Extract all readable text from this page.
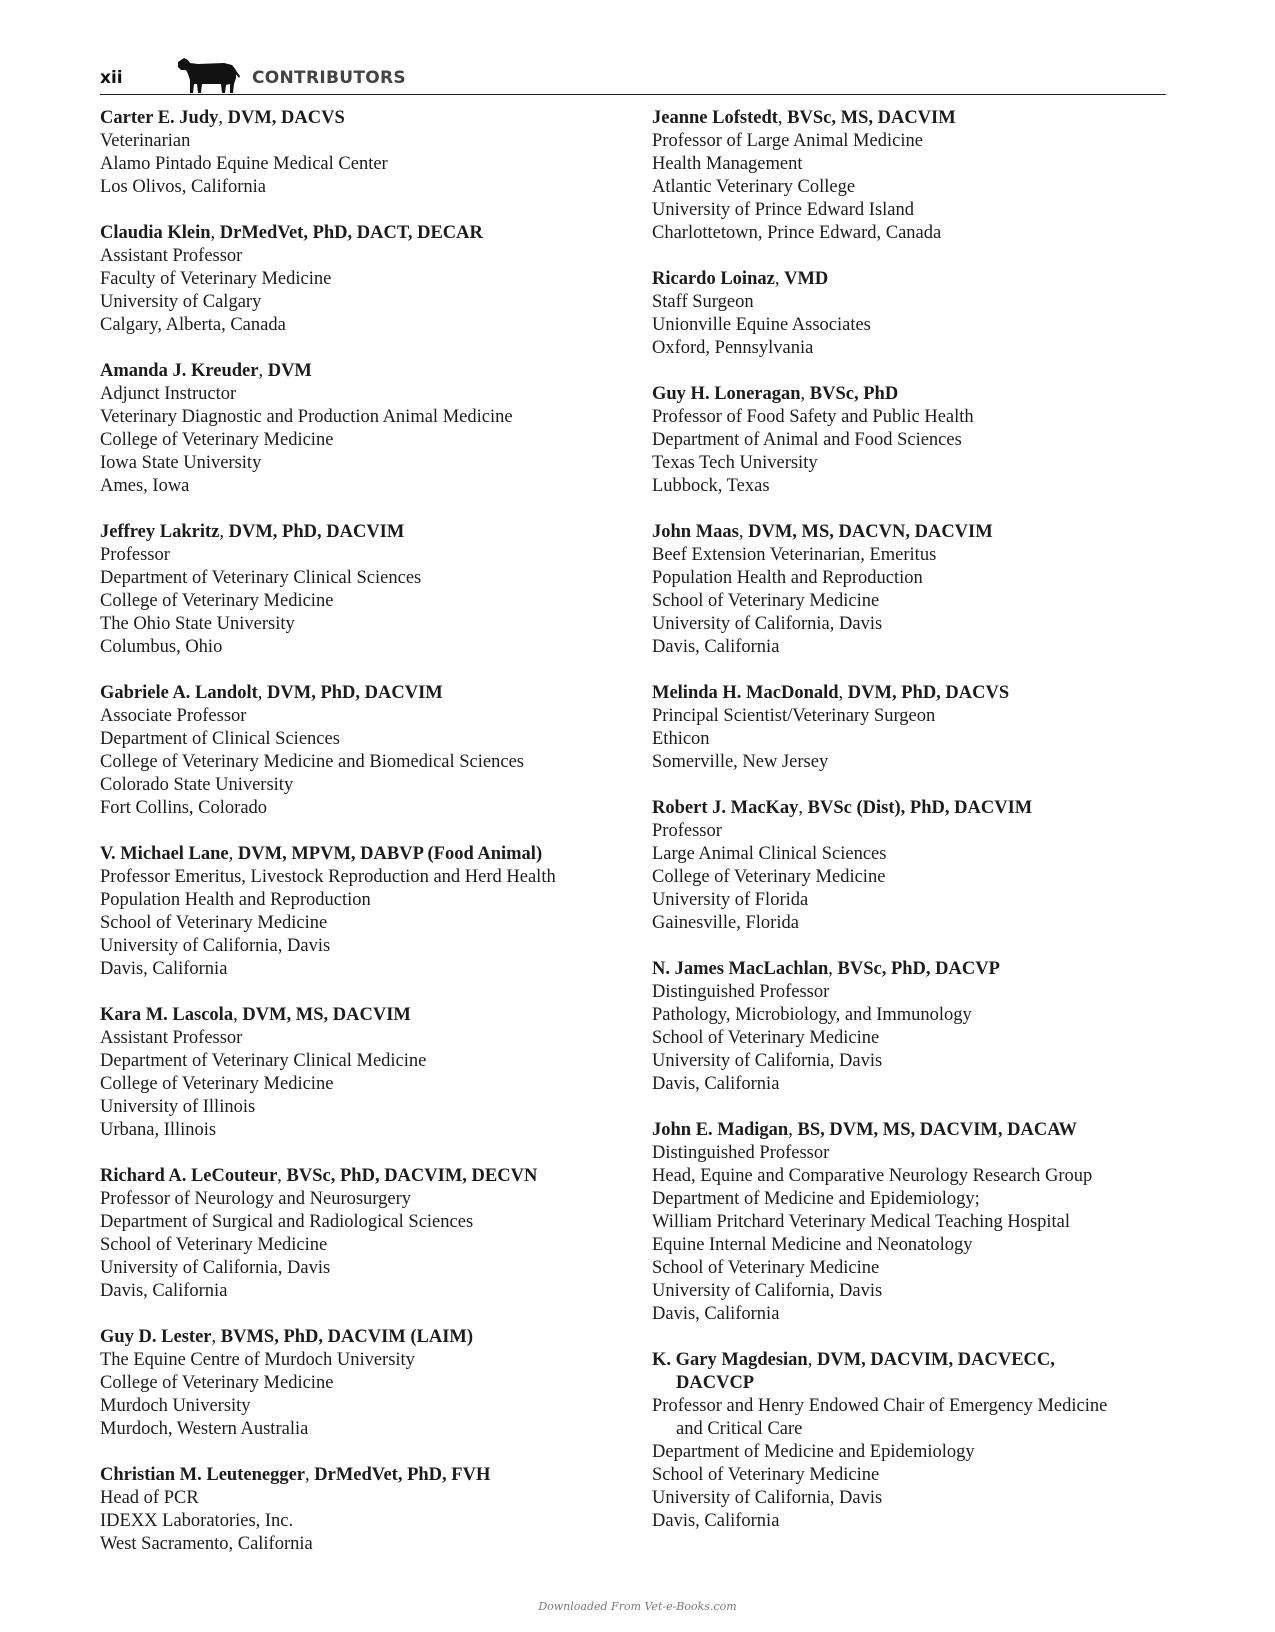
xii	CONTRIBUTORS
Carter E. Judy, DVM, DACVS
Veterinarian
Alamo Pintado Equine Medical Center
Los Olivos, California
Claudia Klein, DrMedVet, PhD, DACT, DECAR
Assistant Professor
Faculty of Veterinary Medicine
University of Calgary
Calgary, Alberta, Canada
Amanda J. Kreuder, DVM
Adjunct Instructor
Veterinary Diagnostic and Production Animal Medicine
College of Veterinary Medicine
Iowa State University
Ames, Iowa
Jeffrey Lakritz, DVM, PhD, DACVIM
Professor
Department of Veterinary Clinical Sciences
College of Veterinary Medicine
The Ohio State University
Columbus, Ohio
Gabriele A. Landolt, DVM, PhD, DACVIM
Associate Professor
Department of Clinical Sciences
College of Veterinary Medicine and Biomedical Sciences
Colorado State University
Fort Collins, Colorado
V. Michael Lane, DVM, MPVM, DABVP (Food Animal)
Professor Emeritus, Livestock Reproduction and Herd Health
Population Health and Reproduction
School of Veterinary Medicine
University of California, Davis
Davis, California
Kara M. Lascola, DVM, MS, DACVIM
Assistant Professor
Department of Veterinary Clinical Medicine
College of Veterinary Medicine
University of Illinois
Urbana, Illinois
Richard A. LeCouteur, BVSc, PhD, DACVIM, DECVN
Professor of Neurology and Neurosurgery
Department of Surgical and Radiological Sciences
School of Veterinary Medicine
University of California, Davis
Davis, California
Guy D. Lester, BVMS, PhD, DACVIM (LAIM)
The Equine Centre of Murdoch University
College of Veterinary Medicine
Murdoch University
Murdoch, Western Australia
Christian M. Leutenegger, DrMedVet, PhD, FVH
Head of PCR
IDEXX Laboratories, Inc.
West Sacramento, California
Jeanne Lofstedt, BVSc, MS, DACVIM
Professor of Large Animal Medicine
Health Management
Atlantic Veterinary College
University of Prince Edward Island
Charlottetown, Prince Edward, Canada
Ricardo Loinaz, VMD
Staff Surgeon
Unionville Equine Associates
Oxford, Pennsylvania
Guy H. Loneragan, BVSc, PhD
Professor of Food Safety and Public Health
Department of Animal and Food Sciences
Texas Tech University
Lubbock, Texas
John Maas, DVM, MS, DACVN, DACVIM
Beef Extension Veterinarian, Emeritus
Population Health and Reproduction
School of Veterinary Medicine
University of California, Davis
Davis, California
Melinda H. MacDonald, DVM, PhD, DACVS
Principal Scientist/Veterinary Surgeon
Ethicon
Somerville, New Jersey
Robert J. MacKay, BVSc (Dist), PhD, DACVIM
Professor
Large Animal Clinical Sciences
College of Veterinary Medicine
University of Florida
Gainesville, Florida
N. James MacLachlan, BVSc, PhD, DACVP
Distinguished Professor
Pathology, Microbiology, and Immunology
School of Veterinary Medicine
University of California, Davis
Davis, California
John E. Madigan, BS, DVM, MS, DACVIM, DACAW
Distinguished Professor
Head, Equine and Comparative Neurology Research Group
Department of Medicine and Epidemiology;
William Pritchard Veterinary Medical Teaching Hospital
Equine Internal Medicine and Neonatology
School of Veterinary Medicine
University of California, Davis
Davis, California
K. Gary Magdesian, DVM, DACVIM, DACVECC,
DACVCP
Professor and Henry Endowed Chair of Emergency Medicine
and Critical Care
Department of Medicine and Epidemiology
School of Veterinary Medicine
University of California, Davis
Davis, California
Downloaded From Vet-e-Books.com
